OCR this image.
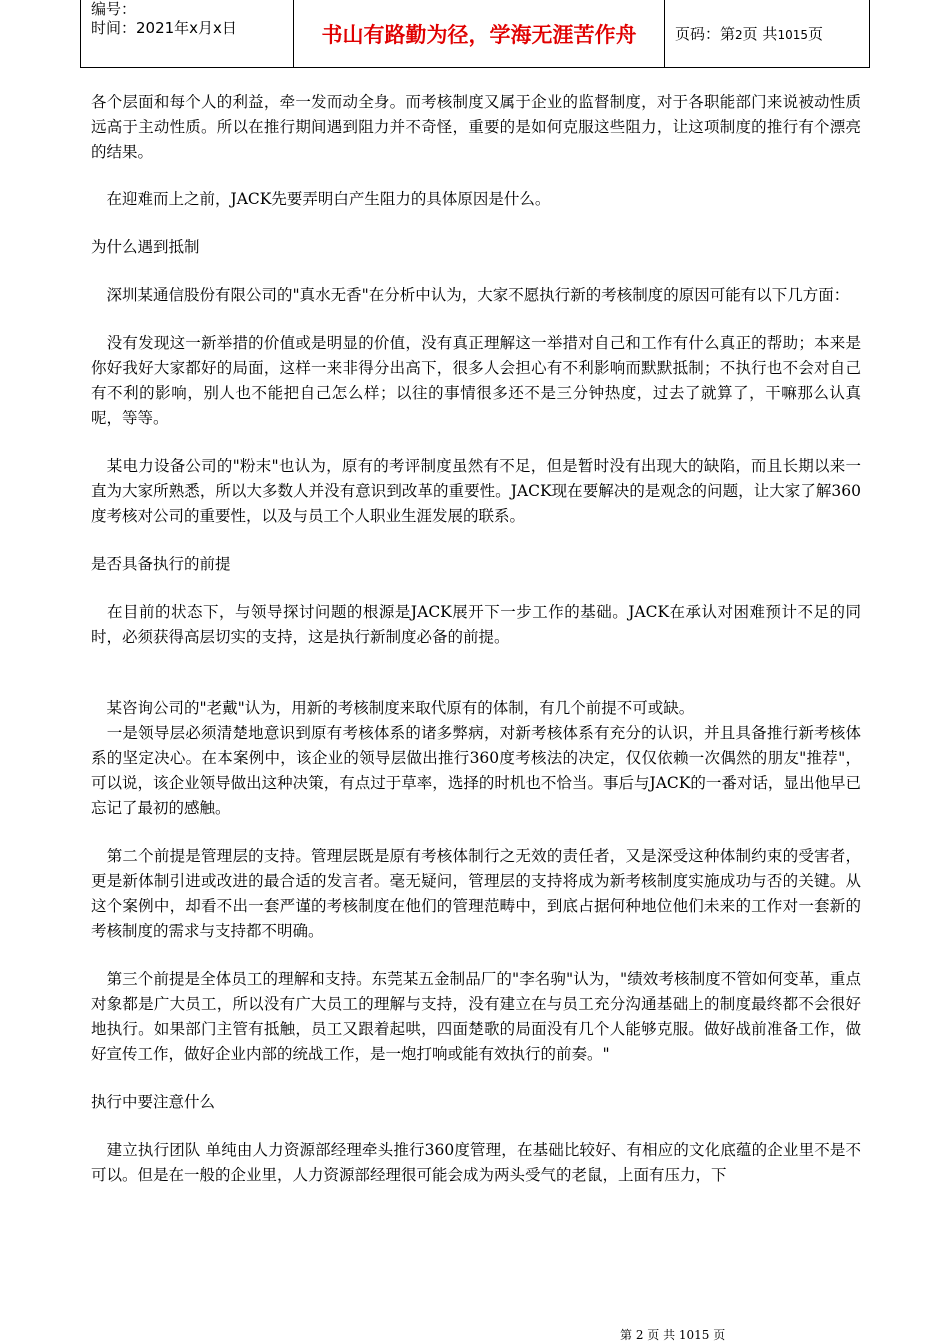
编号：
时间：2021年x月x日	书山有路勤为径，学海无涯苦作舟	页码：第2页 共1015页

各个层面和每个人的利益，牵一发而动全身。而考核制度又属于企业的监督制度，对于各职能部门来说被动性质远高于主动性质。所以在推行期间遇到阻力并不奇怪，重要的是如何克服这些阻力，让这项制度的推行有个漂亮的结果。

　在迎难而上之前，JACK先要弄明白产生阻力的具体原因是什么。

为什么遇到抵制

　深圳某通信股份有限公司的"真水无香"在分析中认为，大家不愿执行新的考核制度的原因可能有以下几方面：

　没有发现这一新举措的价值或是明显的价值，没有真正理解这一举措对自己和工作有什么真正的帮助；本来是你好我好大家都好的局面，这样一来非得分出高下，很多人会担心有不利影响而默默抵制；不执行也不会对自己有不利的影响，别人也不能把自己怎么样；以往的事情很多还不是三分钟热度，过去了就算了，干嘛那么认真呢，等等。

　某电力设备公司的"粉末"也认为，原有的考评制度虽然有不足，但是暂时没有出现大的缺陷，而且长期以来一直为大家所熟悉，所以大多数人并没有意识到改革的重要性。JACK现在要解决的是观念的问题，让大家了解360度考核对公司的重要性，以及与员工个人职业生涯发展的联系。

是否具备执行的前提

　在目前的状态下，与领导探讨问题的根源是JACK展开下一步工作的基础。JACK在承认对困难预计不足的同时，必须获得高层切实的支持，这是执行新制度必备的前提。

　某咨询公司的"老戴"认为，用新的考核制度来取代原有的体制，有几个前提不可或缺。

　一是领导层必须清楚地意识到原有考核体系的诸多弊病，对新考核体系有充分的认识，并且具备推行新考核体系的坚定决心。在本案例中，该企业的领导层做出推行360度考核法的决定，仅仅依赖一次偶然的朋友"推荐"，可以说，该企业领导做出这种决策，有点过于草率，选择的时机也不恰当。事后与JACK的一番对话，显出他早已忘记了最初的感触。

　第二个前提是管理层的支持。管理层既是原有考核体制行之无效的责任者，又是深受这种体制约束的受害者，更是新体制引进或改进的最合适的发言者。毫无疑问，管理层的支持将成为新考核制度实施成功与否的关键。从这个案例中，却看不出一套严谨的考核制度在他们的管理范畴中，到底占据何种地位他们未来的工作对一套新的考核制度的需求与支持都不明确。

　第三个前提是全体员工的理解和支持。东莞某五金制品厂的"李名驹"认为，"绩效考核制度不管如何变革，重点对象都是广大员工，所以没有广大员工的理解与支持，没有建立在与员工充分沟通基础上的制度最终都不会很好地执行。如果部门主管有抵触，员工又跟着起哄，四面楚歌的局面没有几个人能够克服。做好战前准备工作，做好宣传工作，做好企业内部的统战工作，是一炮打响或能有效执行的前奏。"

执行中要注意什么

　建立执行团队 单纯由人力资源部经理牵头推行360度管理，在基础比较好、有相应的文化底蕴的企业里不是不可以。但是在一般的企业里，人力资源部经理很可能会成为两头受气的老鼠，上面有压力，下

第 2 页 共 1015 页
